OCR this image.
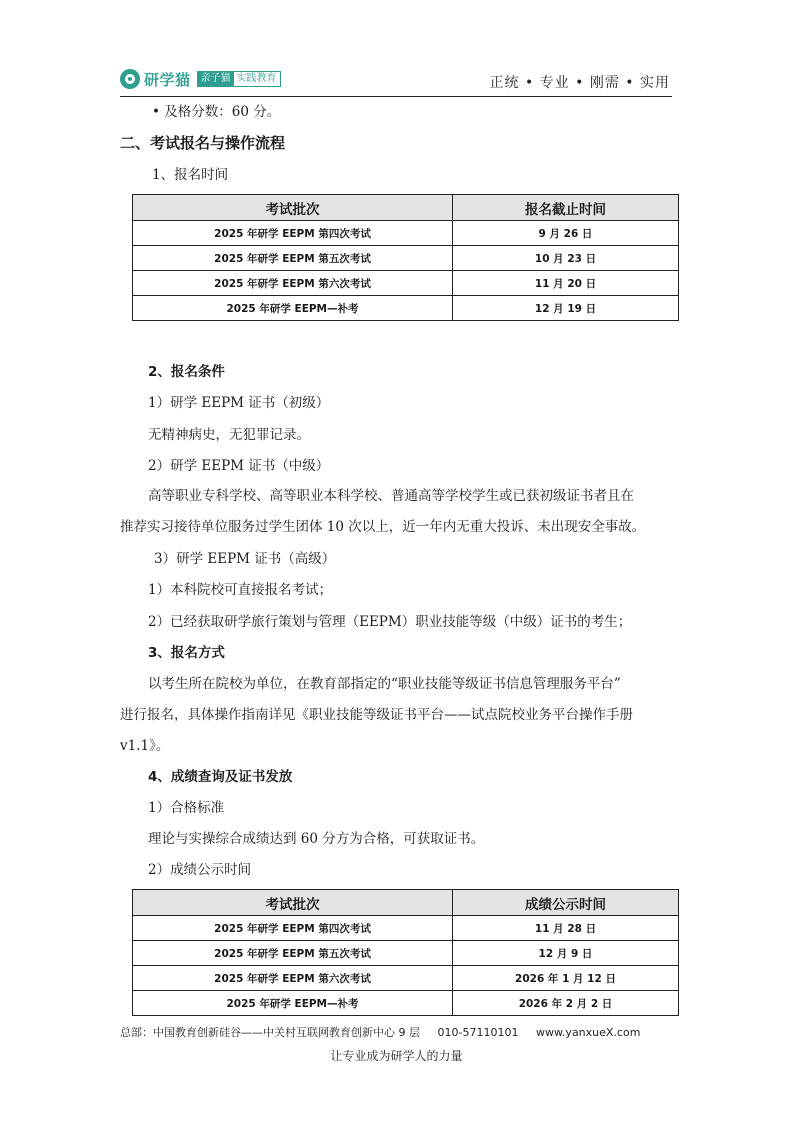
研学猫	亲子猫 实践教育	正统 • 专业 • 刚需 • 实用
• 及格分数：60 分。
二、考试报名与操作流程
1、报名时间
考试批次	报名截止时间
2025 年研学 EEPM 第四次考试	9 月 26 日
2025 年研学 EEPM 第五次考试	10 月 23 日
2025 年研学 EEPM 第六次考试	11 月 20 日
2025 年研学 EEPM—补考	12 月 19 日
2、报名条件
1）研学 EEPM 证书（初级）
无精神病史，无犯罪记录。
2）研学 EEPM 证书（中级）
高等职业专科学校、高等职业本科学校、普通高等学校学生或已获初级证书者且在
推荐实习接待单位服务过学生团体 10 次以上，近一年内无重大投诉、未出现安全事故。
3）研学 EEPM 证书（高级）
1）本科院校可直接报名考试；
2）已经获取研学旅行策划与管理（EEPM）职业技能等级（中级）证书的考生；
3、报名方式
以考生所在院校为单位，在教育部指定的“职业技能等级证书信息管理服务平台”
进行报名，具体操作指南详见《职业技能等级证书平台——试点院校业务平台操作手册
v1.1》。
4、成绩查询及证书发放
1）合格标准
理论与实操综合成绩达到 60 分方为合格，可获取证书。
2）成绩公示时间
考试批次	成绩公示时间
2025 年研学 EEPM 第四次考试	11 月 28 日
2025 年研学 EEPM 第五次考试	12 月 9 日
2025 年研学 EEPM 第六次考试	2026 年 1 月 12 日
2025 年研学 EEPM—补考	2026 年 2 月 2 日
总部：中国教育创新硅谷——中关村互联网教育创新中心 9 层 010-57110101 www.yanxueX.com
让专业成为研学人的力量
